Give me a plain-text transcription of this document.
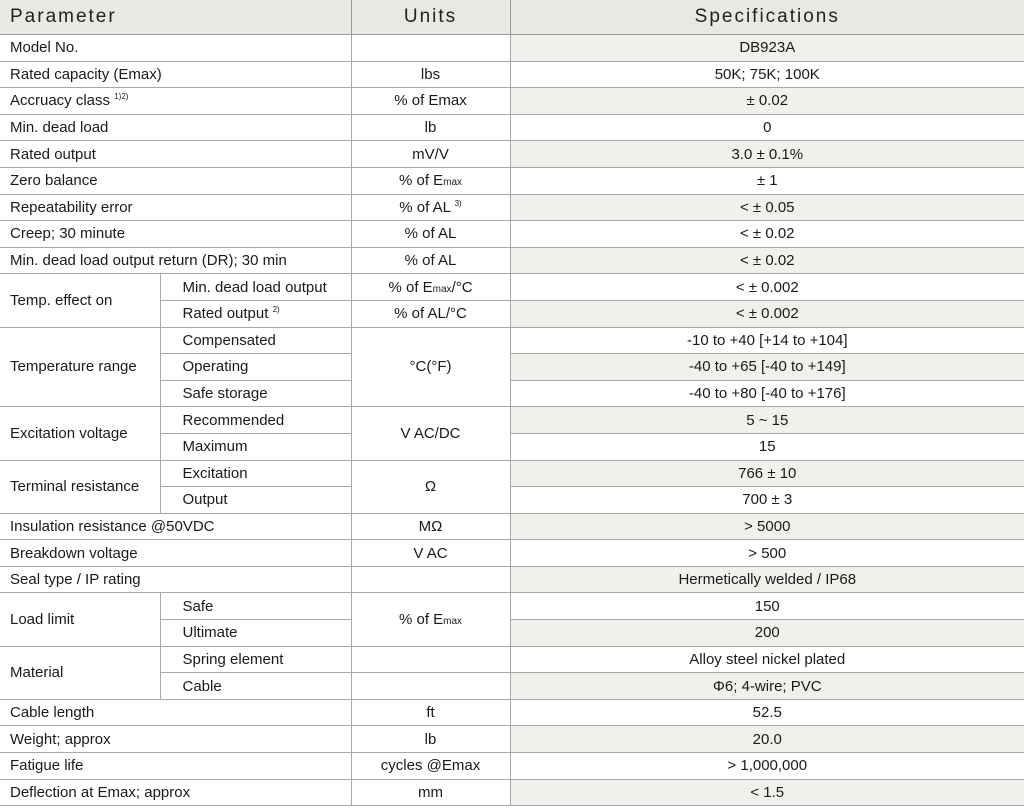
Parameter		Units	Specifications
Model No.			DB923A
Rated capacity (Emax)		lbs	50K; 75K; 100K
Accruacy class $^{1)2)}$		% of Emax	± 0.02
Min. dead load		lb	0
Rated output		mV/V	3.0 ± 0.1%
Zero balance		% of Emax	± 1
Repeatability error		% of AL $^{3)}$	< ± 0.05
Creep; 30 minute		% of AL	< ± 0.02
Min. dead load output return (DR); 30 min		% of AL	< ± 0.02
Temp. effect on	Min. dead load output	% of Emax/°C	< ± 0.002
	Rated output $^{2)}$	% of AL/°C	< ± 0.002
Temperature range	Compensated	°C(°F)	-10 to +40 [+14 to +104]
	Operating		-40 to +65 [-40 to +149]
	Safe storage		-40 to +80 [-40 to +176]
Excitation voltage	Recommended	V AC/DC	5 ~ 15
	Maximum		15
Terminal resistance	Excitation	Ω	766 ± 10
	Output		700 ± 3
Insulation resistance @50VDC		MΩ	> 5000
Breakdown voltage		V AC	> 500
Seal type / IP rating			Hermetically welded / IP68
Load limit	Safe	% of Emax	150
	Ultimate		200
Material	Spring element		Alloy steel nickel plated
	Cable		Φ6; 4-wire; PVC
Cable length		ft	52.5
Weight; approx		lb	20.0
Fatigue life		cycles @Emax	> 1,000,000
Deflection at Emax; approx		mm	< 1.5
